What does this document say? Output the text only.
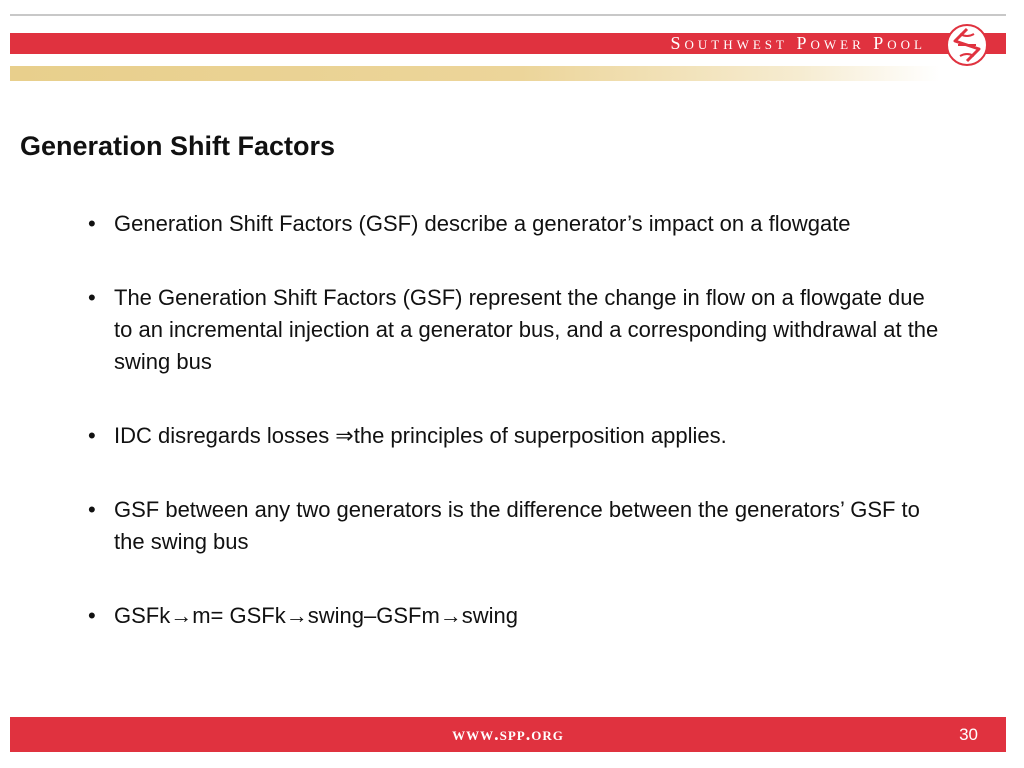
Southwest Power Pool
Generation Shift Factors
• Generation Shift Factors (GSF) describe a generator’s impact on a flowgate
• The Generation Shift Factors (GSF) represent the change in flow on a flowgate due to an incremental injection at a generator bus, and a corresponding withdrawal at the swing bus
• IDC disregards losses ⇒the principles of superposition applies.
• GSF between any two generators is the difference between the generators’ GSF to the swing bus
• GSFk→m= GSFk→swing–GSFm→swing
www.spp.org	30
